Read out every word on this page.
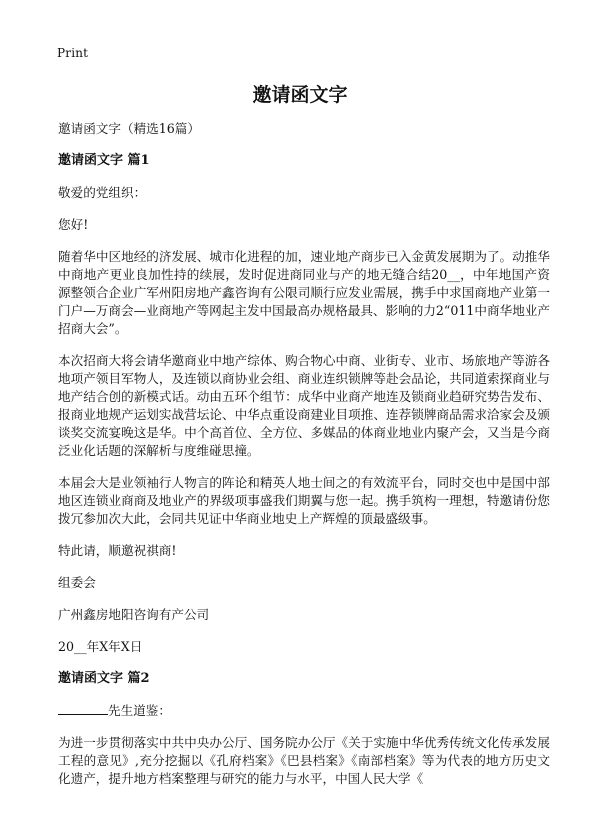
Print
邀请函文字

邀请函文字（精选16篇）

邀请函文字 篇1

敬爱的党组织：

您好!

随着华中区地经的济发展、城市化进程的加，速业地产商步已入金黄发展期为了。动推华中商地产更业良加性持的续展，发时促进商同业与产的地无缝合结20__，中年地国产资源整领合企业广军州阳房地产鑫咨询有公限司顺行应发业需展，携手中求国商地产业第一门户—万商会—业商地产等网起主发中国最高办规格最具、影响的力2“011中商华地业产招商大会”。

本次招商大将会请华邀商业中地产综体、购合物心中商、业街专、业市、场旅地产等游各地项产领目军物人，及连锁以商协业会组、商业连织锁牌等赴会品论，共同道索探商业与地产结合创的新模式话。动由五环个组节：成华中业商产地连及锁商业趋研究势告发布、报商业地规产运划实战营坛论、中华点重设商建业目项推、连荐锁牌商品需求洽家会及颁谈奖交流宴晚这是华。中个高首位、全方位、多媒品的体商业地业内聚产会，又当是今商泛业化话题的深解析与度维碰思撞。

本届会大是业领袖行人物言的阵论和精英人地士间之的有效流平台，同时交也中是国中部地区连锁业商商及地业产的界级项事盛我们期翼与您一起。携手筑构一理想，特邀请份您拨冗参加次大此，会同共见证中华商业地史上产辉煌的顶最盛级事。

特此请，顺邀祝祺商!

组委会

广州鑫房地阳咨询有产公司

20__年X年X日

邀请函文字 篇2

先生道鉴：

为进一步贯彻落实中共中央办公厅、国务院办公厅《关于实施中华优秀传统文化传承发展工程的意见》,充分挖掘以《孔府档案》《巴县档案》《南部档案》等为代表的地方历史文化遗产，提升地方档案整理与研究的能力与水平，中国人民大学《
